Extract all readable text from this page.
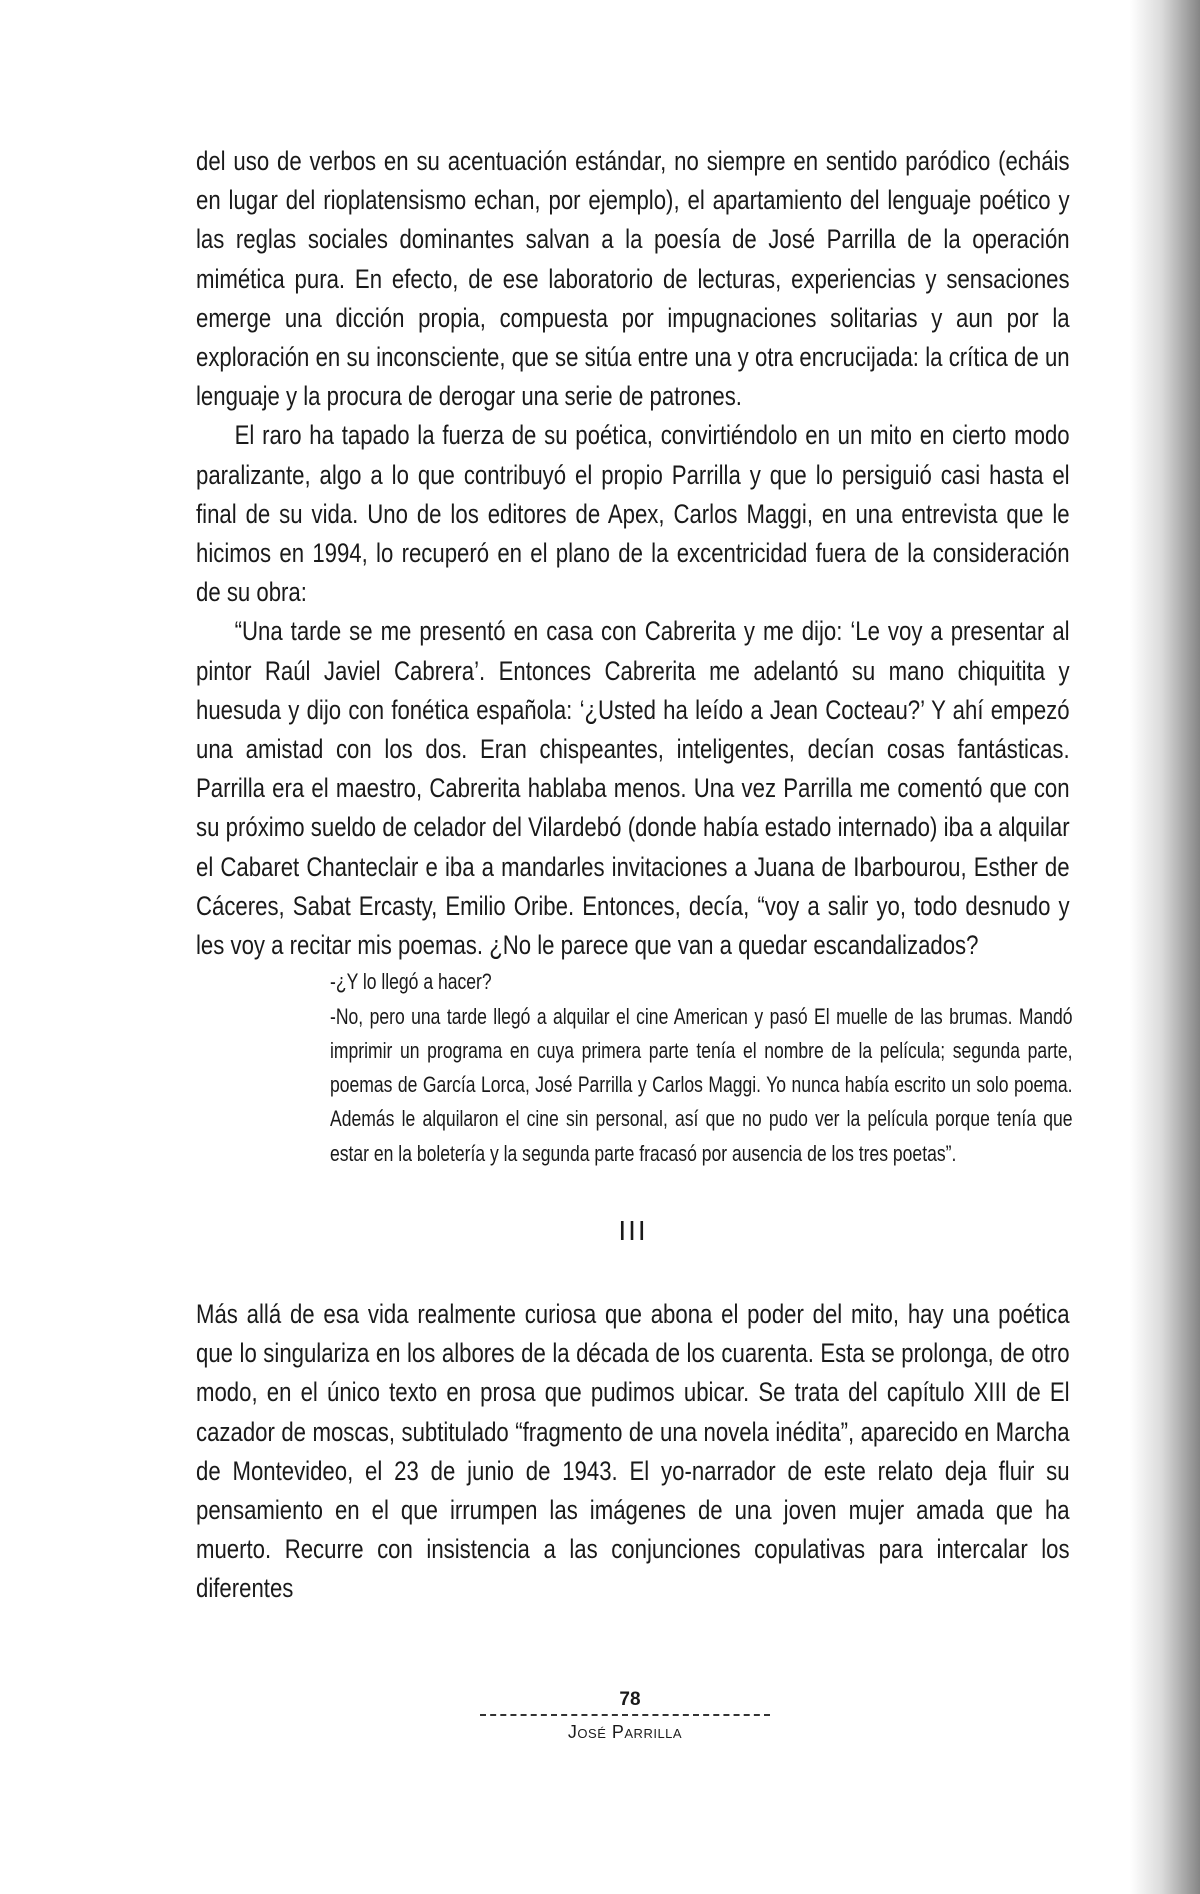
del uso de verbos en su acentuación estándar, no siempre en sentido paródico (echáis en lugar del rioplatensismo echan, por ejemplo), el apartamiento del lenguaje poético y las reglas sociales dominantes salvan a la poesía de José Parrilla de la operación mimética pura. En efecto, de ese laboratorio de lecturas, experiencias y sensaciones emerge una dicción propia, compuesta por impugnaciones solitarias y aun por la exploración en su inconsciente, que se sitúa entre una y otra encrucijada: la crítica de un lenguaje y la procura de derogar una serie de patrones.

El raro ha tapado la fuerza de su poética, convirtiéndolo en un mito en cierto modo paralizante, algo a lo que contribuyó el propio Parrilla y que lo persiguió casi hasta el final de su vida. Uno de los editores de Apex, Carlos Maggi, en una entrevista que le hicimos en 1994, lo recuperó en el plano de la excentricidad fuera de la consideración de su obra:

“Una tarde se me presentó en casa con Cabrerita y me dijo: ‘Le voy a presentar al pintor Raúl Javiel Cabrera’. Entonces Cabrerita me adelantó su mano chiquitita y huesuda y dijo con fonética española: ‘¿Usted ha leído a Jean Cocteau?’ Y ahí empezó una amistad con los dos. Eran chispeantes, inteligentes, decían cosas fantásticas. Parrilla era el maestro, Cabrerita hablaba menos. Una vez Parrilla me comentó que con su próximo sueldo de celador del Vilardebó (donde había estado internado) iba a alquilar el Cabaret Chanteclair e iba a mandarles invitaciones a Juana de Ibarbourou, Esther de Cáceres, Sabat Ercasty, Emilio Oribe. Entonces, decía, “voy a salir yo, todo desnudo y les voy a recitar mis poemas. ¿No le parece que van a quedar escandalizados?

-¿Y lo llegó a hacer?
-No, pero una tarde llegó a alquilar el cine American y pasó El muelle de las brumas. Mandó imprimir un programa en cuya primera parte tenía el nombre de la película; segunda parte, poemas de García Lorca, José Parrilla y Carlos Maggi. Yo nunca había escrito un solo poema. Además le alquilaron el cine sin personal, así que no pudo ver la película porque tenía que estar en la boletería y la segunda parte fracasó por ausencia de los tres poetas”.
III

Más allá de esa vida realmente curiosa que abona el poder del mito, hay una poética que lo singulariza en los albores de la década de los cuarenta. Esta se prolonga, de otro modo, en el único texto en prosa que pudimos ubicar. Se trata del capítulo XIII de El cazador de moscas, subtitulado “fragmento de una novela inédita”, aparecido en Marcha de Montevideo, el 23 de junio de 1943. El yo-narrador de este relato deja fluir su pensamiento en el que irrumpen las imágenes de una joven mujer amada que ha muerto. Recurre con insistencia a las conjunciones copulativas para intercalar los diferentes

78
José Parrilla
